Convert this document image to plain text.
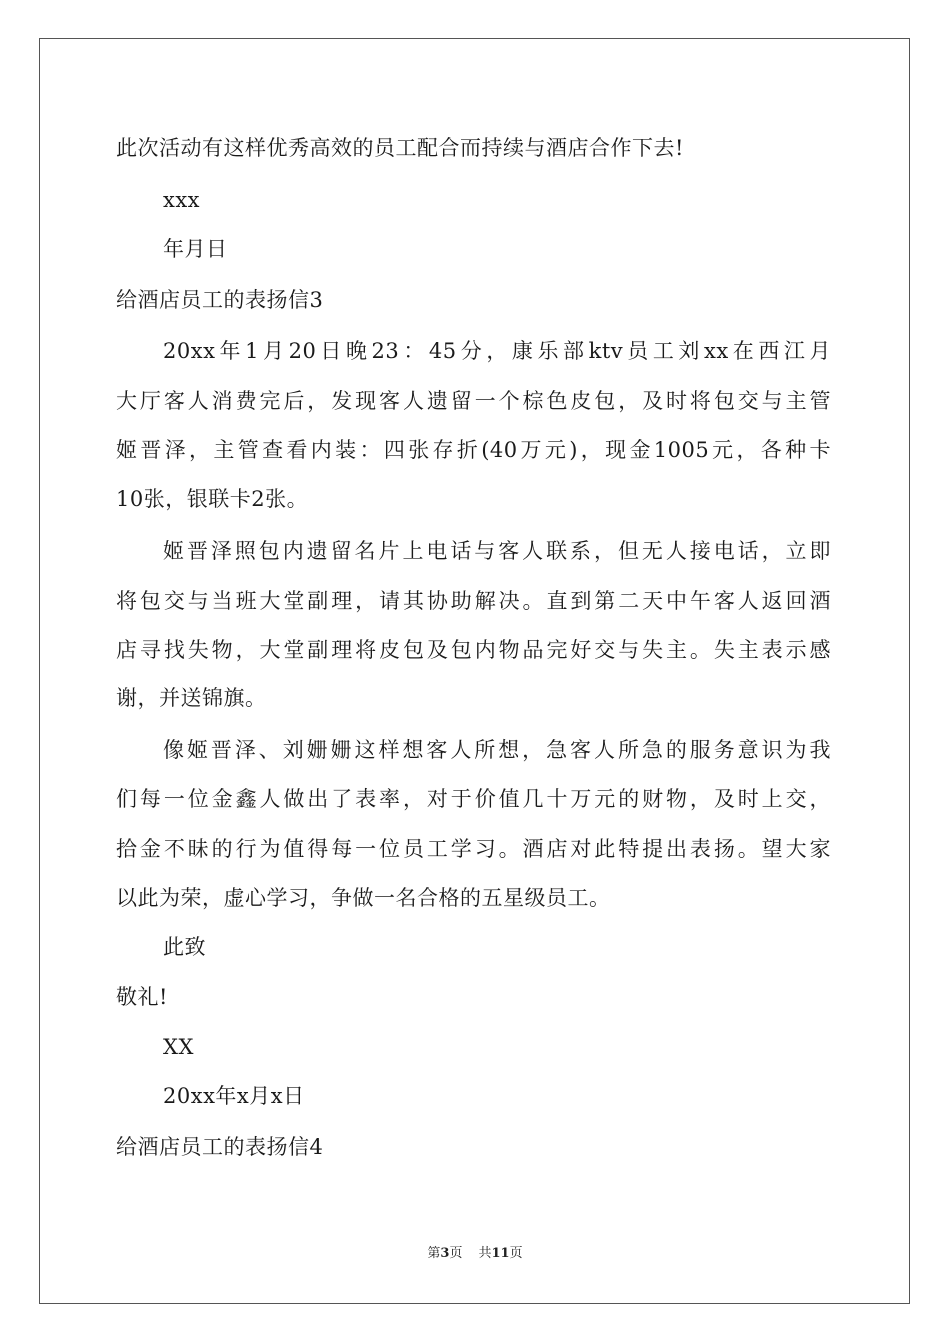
此次活动有这样优秀高效的员工配合而持续与酒店合作下去!
xxx
年月日
给酒店员工的表扬信3
20xx年1月20日晚23：45分，康乐部ktv员工刘xx在西江月
大厅客人消费完后，发现客人遗留一个棕色皮包，及时将包交与主管
姬晋泽，主管查看内装：四张存折(40万元)，现金1005元，各种卡
10张，银联卡2张。
姬晋泽照包内遗留名片上电话与客人联系，但无人接电话，立即
将包交与当班大堂副理，请其协助解决。直到第二天中午客人返回酒
店寻找失物，大堂副理将皮包及包内物品完好交与失主。失主表示感
谢，并送锦旗。
像姬晋泽、刘姗姗这样想客人所想，急客人所急的服务意识为我
们每一位金鑫人做出了表率，对于价值几十万元的财物，及时上交，
拾金不昧的行为值得每一位员工学习。酒店对此特提出表扬。望大家
以此为荣，虚心学习，争做一名合格的五星级员工。
此致
敬礼!
XX
20xx年x月x日
给酒店员工的表扬信4
第3页 共11页
